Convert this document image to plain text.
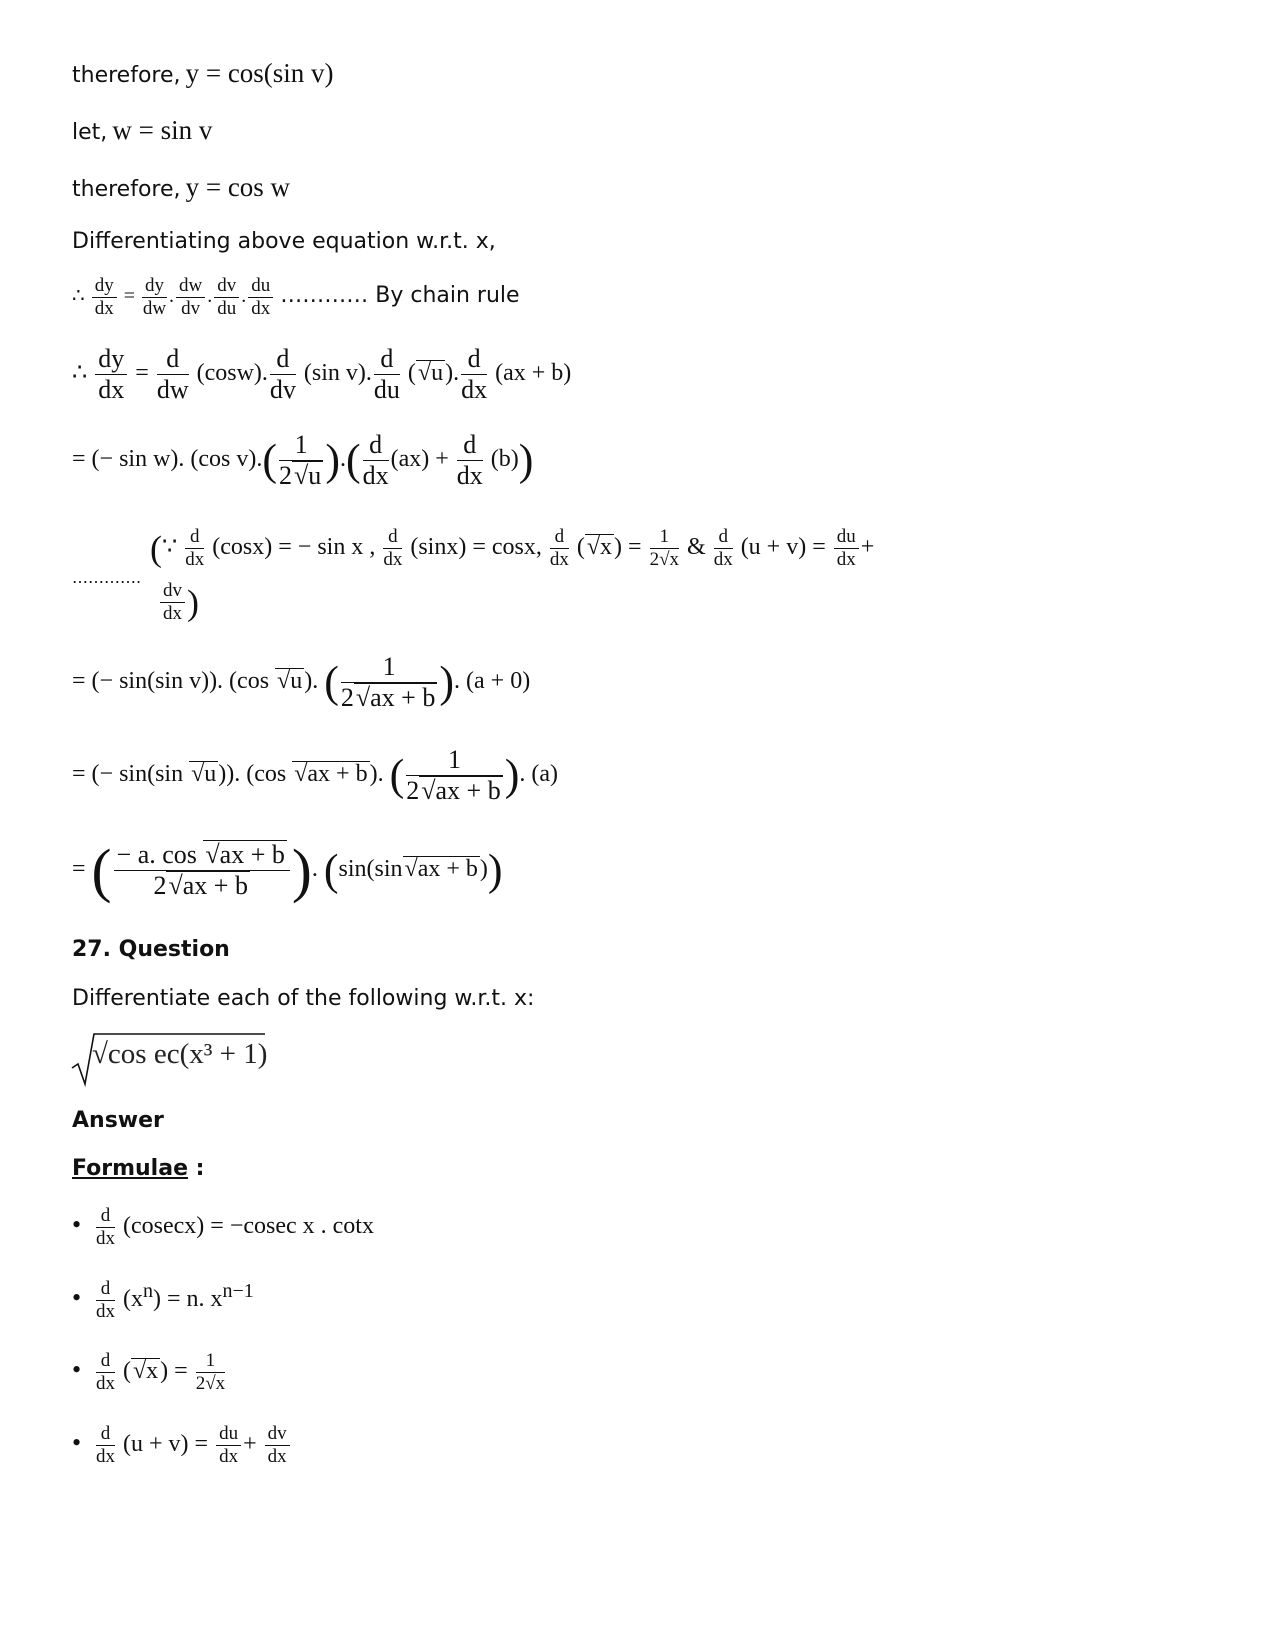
therefore, y = cos(sin v)
let, w = sin v
therefore, y = cos w
Differentiating above equation w.r.t. x,
∴ $\frac{dy}{dx} = \frac{dy}{dw}$ . $\frac{dw}{dv}$ . $\frac{dv}{du}$ . $\frac{du}{dx}$ ………… By chain rule
∴ $\frac{dy}{dx} = \frac{d}{dw} (\cos w)$. $\frac{d}{dv} (\sin$ v). $\frac{d}{du} (√u)$. $\frac{d}{dx} (ax + b)$
= (− sin w). (cos $v).( \frac{1}{2√u}$ ).( $\frac{d}{dx} (ax) + \frac{d}{dx} (b)$)
(∵ $\frac{d}{dx} (\cos x)$ = − sin x , $\frac{d}{dx} (\sin x) = \cos x$, $\frac{d}{dx} (√x) = \frac{1}{2√x}$ & $\frac{d}{dx} (u + v) = \frac{du}{dx}$ +
………….
$\frac{dv}{dx}$ )
= (− sin(sin v)). (cos √u). ( $\frac{1}{2√ax + b}$ ). (a + 0)
= (− sin(sin √u)). (cos √ax + b). ( $\frac{1}{2√ax + b}$ ). (a)
= ( $\frac{- a. \cos √ax + b}{2√ax + b}$ ). (sin(sin√ax + b))
27. Question
Differentiate each of the following w.r.t. x:
√cos ec(x³ + 1)
Answer
Formulae :
• $\frac{d}{dx} (cosecx) = -cosec$ x . cotx
• $\frac{d}{dx} (x^n) = n$. $x^{n-1}$
• $\frac{d}{dx} (√x) = \frac{1}{2√x}$
• $\frac{d}{dx} (u + v) = \frac{du}{dx} + \frac{dv}{dx}$
